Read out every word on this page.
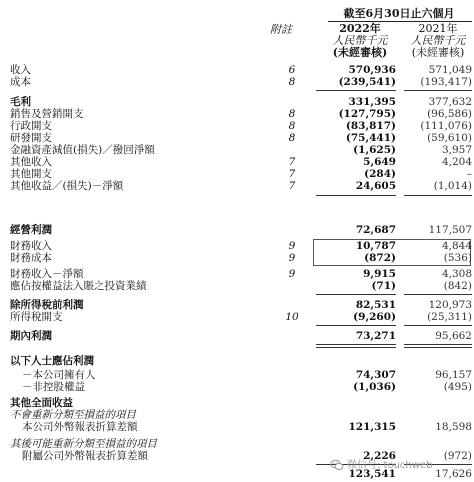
截至6月30日止六個月
附註	2022年	2021年
人民幣千元	人民幣千元
(未經審核)	(未經審核)
收入	6	570,936	571,049
成本	8	(239,541)	(193,417)
毛利	331,395	377,632
銷售及營銷開支	8	(127,795)	(96,586)
行政開支	8	(83,817)	(111,076)
研發開支	8	(75,441)	(59,610)
金融資產減值(損失)／撥回淨額	(1,625)	3,957
其他收入	7	5,649	4,204
其他開支	7	(284)	–
其他收益／(損失)－淨額	7	24,605	(1,014)
經營利潤	72,687	117,507
財務收入	9	10,787	4,844
財務成本	9	(872)	(536)
財務收入－淨額	9	9,915	4,308
應佔按權益法入賬之投資業績	(71)	(842)
除所得稅前利潤	82,531	120,973
所得稅開支	10	(9,260)	(25,311)
期內利潤	73,271	95,662
以下人士應佔利潤
－本公司擁有人	74,307	96,157
－非控股權益	(1,036)	(495)
其他全面收益
不會重新分類至損益的項目
本公司外幣報表折算差額	121,315	18,598
其後可能重新分類至損益的項目
附屬公司外幣報表折算差額	2,226	(972)
123,541	17,626
微信号: touchweb
